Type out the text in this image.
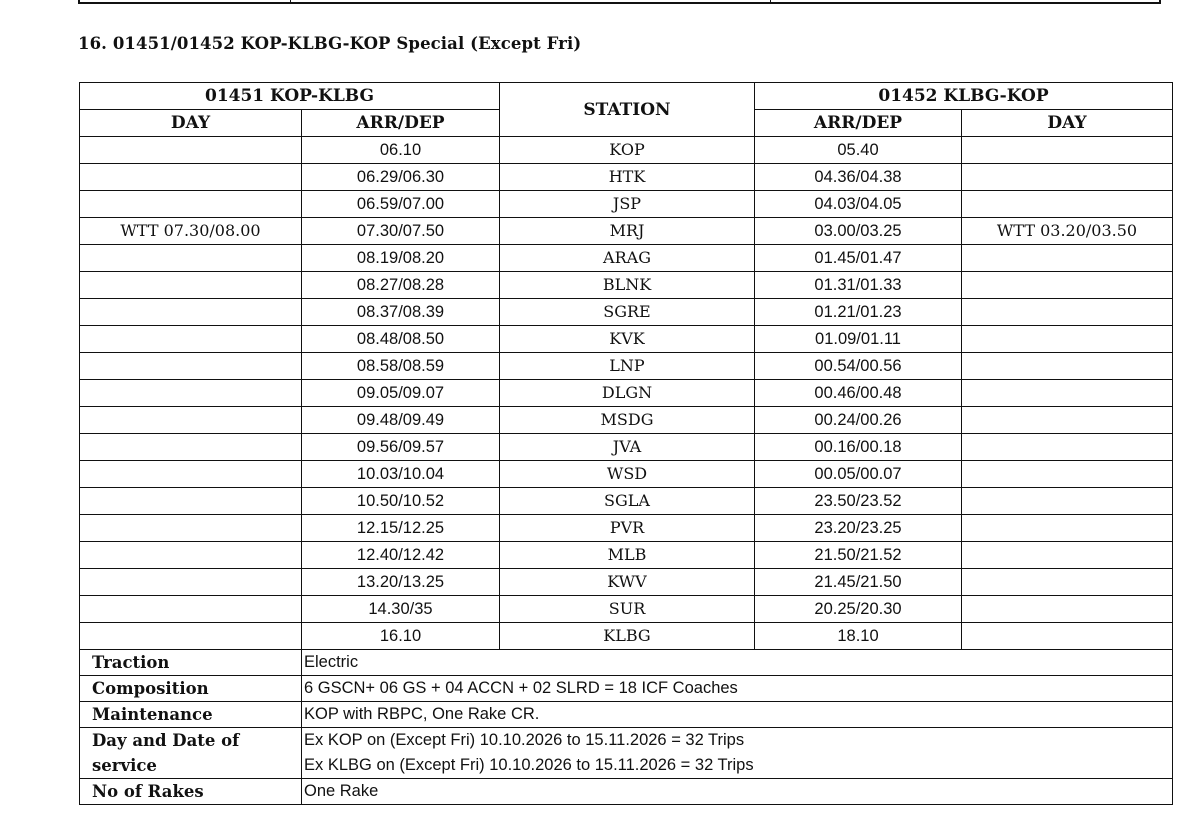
16. 01451/01452 KOP-KLBG-KOP Special (Except Fri)
01451 KOP-KLBG		STATION	01452 KLBG-KOP	
DAY	ARR/DEP		ARR/DEP	DAY
	06.10	KOP	05.40	
	06.29/06.30	HTK	04.36/04.38	
	06.59/07.00	JSP	04.03/04.05	
WTT 07.30/08.00	07.30/07.50	MRJ	03.00/03.25	WTT 03.20/03.50
	08.19/08.20	ARAG	01.45/01.47	
	08.27/08.28	BLNK	01.31/01.33	
	08.37/08.39	SGRE	01.21/01.23	
	08.48/08.50	KVK	01.09/01.11	
	08.58/08.59	LNP	00.54/00.56	
	09.05/09.07	DLGN	00.46/00.48	
	09.48/09.49	MSDG	00.24/00.26	
	09.56/09.57	JVA	00.16/00.18	
	10.03/10.04	WSD	00.05/00.07	
	10.50/10.52	SGLA	23.50/23.52	
	12.15/12.25	PVR	23.20/23.25	
	12.40/12.42	MLB	21.50/21.52	
	13.20/13.25	KWV	21.45/21.50	
	14.30/35	SUR	20.25/20.30	
	16.10	KLBG	18.10	
Traction	Electric			
Composition	6 GSCN+ 06 GS + 04 ACCN + 02 SLRD = 18 ICF Coaches			
Maintenance	KOP with RBPC, One Rake CR.			

Day and Date of
service	Ex KOP on (Except Fri) 10.10.2026 to 15.11.2026 = 32 Trips
Ex KLBG on (Except Fri) 10.10.2026 to 15.11.2026 = 32 Trips			

No of Rakes	One Rake			
